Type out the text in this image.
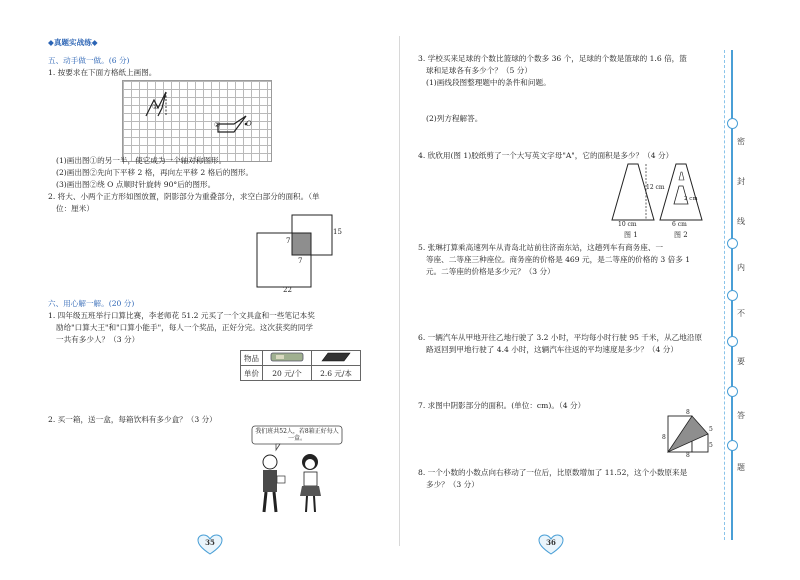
◆真题实战练◆
五、动手做一做。(6 分)
1. 按要求在下面方格纸上画图。
①
②	O
(1)画出图①的另一半，使它成为一个轴对称图形。
(2)画出图②先向下平移 2 格，再向左平移 2 格后的图形。
(3)画出图②绕 O 点顺时针旋转 90°后的图形。
2. 将大、小两个正方形如图放置，阴影部分为重叠部分，求空白部分的面积。（单
位：厘米）
7
7
15
22
六、用心解一解。(20 分)
1. 四年级五班举行口算比赛，李老师花 51.2 元买了一个文具盒和一些笔记本奖
励给"口算大王"和"口算小能手"，每人一个奖品，正好分完。这次获奖的同学
一共有多少人？（3 分）
物品		
单价	20 元/个	2.6 元/本
2. 买一箱，送一盒，每箱饮料有多少盒？（3 分）
我们班共52人，若8箱正好每人一盒。
35
3. 学校买来足球的个数比篮球的个数多 36 个，足球的个数是篮球的 1.6 倍，篮
球和足球各有多少个？（5 分）
(1)画线段图整理题中的条件和问题。
(2)列方程解答。
4. 欣欣用(图 1)胶纸剪了一个大写英文字母"A"，它的面积是多少？（4 分）
12 cm
10 cm
2 cm
6 cm
图 1	图 2
5. 张琳打算乘高速列车从青岛北站前往济南东站，这趟列车有商务座、一
等座、二等座三种座位。商务座的价格是 469 元，是二等座的价格的 3 倍多 1
元。二等座的价格是多少元？（3 分）
6. 一辆汽车从甲地开往乙地行驶了 3.2 小时，平均每小时行驶 95 千米，从乙地沿原
路返回到甲地行驶了 4.4 小时，这辆汽车往返的平均速度是多少？（4 分）
7. 求图中阴影部分的面积。(单位：cm)。（4 分）
8
8
8
5
5
8. 一个小数的小数点向右移动了一位后，比原数增加了 11.52，这个小数原来是
多少？（3 分）
36
密
封
线
内
不
要
答
题
